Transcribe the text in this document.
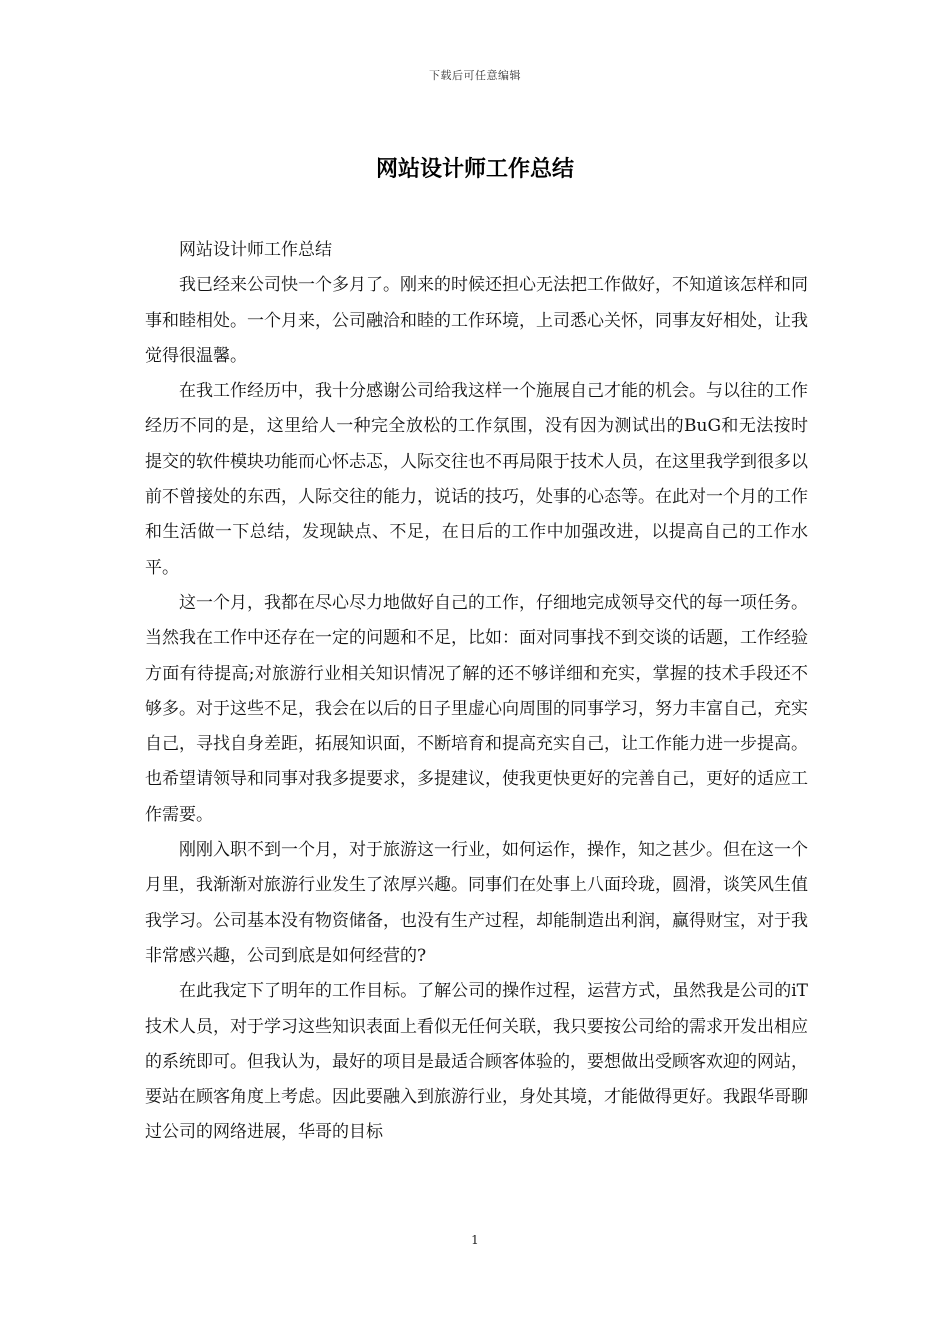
下载后可任意编辑
网站设计师工作总结

网站设计师工作总结

我已经来公司快一个多月了。刚来的时候还担心无法把工作做好，不知道该怎样和同事和睦相处。一个月来，公司融洽和睦的工作环境，上司悉心关怀，同事友好相处，让我觉得很温馨。

在我工作经历中，我十分感谢公司给我这样一个施展自己才能的机会。与以往的工作经历不同的是，这里给人一种完全放松的工作氛围，没有因为测试出的BuG和无法按时提交的软件模块功能而心怀忐忑，人际交往也不再局限于技术人员，在这里我学到很多以前不曾接处的东西，人际交往的能力，说话的技巧，处事的心态等。在此对一个月的工作和生活做一下总结，发现缺点、不足，在日后的工作中加强改进，以提高自己的工作水平。

这一个月，我都在尽心尽力地做好自己的工作，仔细地完成领导交代的每一项任务。当然我在工作中还存在一定的问题和不足，比如：面对同事找不到交谈的话题，工作经验方面有待提高;对旅游行业相关知识情况了解的还不够详细和充实，掌握的技术手段还不够多。对于这些不足，我会在以后的日子里虚心向周围的同事学习，努力丰富自己，充实自己，寻找自身差距，拓展知识面，不断培育和提高充实自己，让工作能力进一步提高。也希望请领导和同事对我多提要求，多提建议，使我更快更好的完善自己，更好的适应工作需要。

刚刚入职不到一个月，对于旅游这一行业，如何运作，操作，知之甚少。但在这一个月里，我渐渐对旅游行业发生了浓厚兴趣。同事们在处事上八面玲珑，圆滑，谈笑风生值我学习。公司基本没有物资储备，也没有生产过程，却能制造出利润，赢得财宝，对于我非常感兴趣，公司到底是如何经营的?

在此我定下了明年的工作目标。了解公司的操作过程，运营方式，虽然我是公司的iT技术人员，对于学习这些知识表面上看似无任何关联，我只要按公司给的需求开发出相应的系统即可。但我认为，最好的项目是最适合顾客体验的，要想做出受顾客欢迎的网站，要站在顾客角度上考虑。因此要融入到旅游行业，身处其境，才能做得更好。我跟华哥聊过公司的网络进展，华哥的目标

1
